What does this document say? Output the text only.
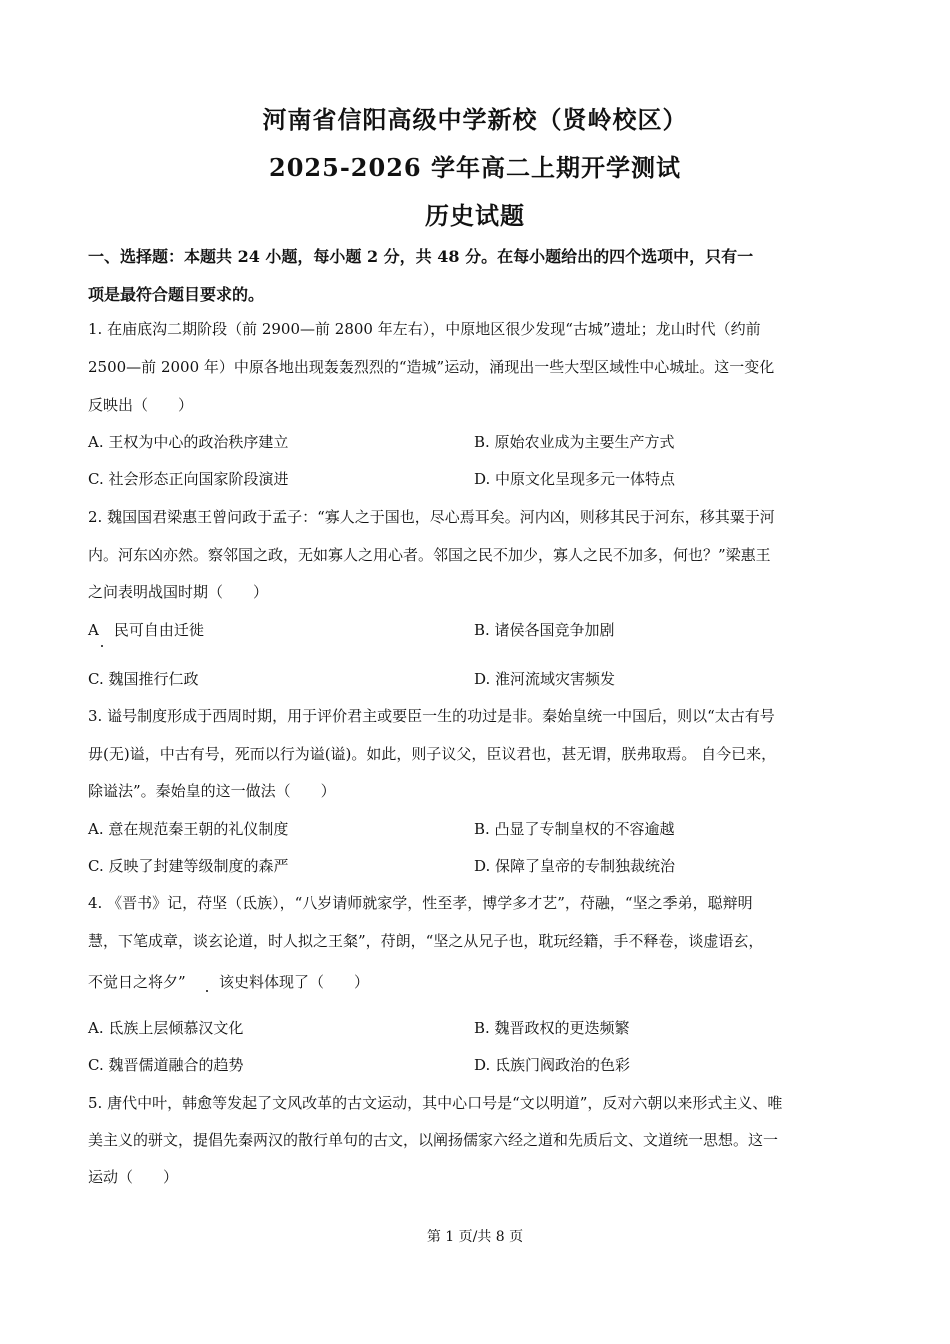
河南省信阳高级中学新校（贤岭校区）
2025-2026 学年高二上期开学测试
历史试题
一、选择题：本题共 24 小题，每小题 2 分，共 48 分。在每小题给出的四个选项中，只有一
项是最符合题目要求的。
1. 在庙底沟二期阶段（前 2900—前 2800 年左右），中原地区很少发现“古城”遗址；龙山时代（约前
2500—前 2000 年）中原各地出现轰轰烈烈的“造城”运动，涌现出一些大型区域性中心城址。这一变化
反映出（　　）
A. 王权为中心的政治秩序建立	B. 原始农业成为主要生产方式
C. 社会形态正向国家阶段演进	D. 中原文化呈现多元一体特点
2. 魏国国君梁惠王曾问政于孟子：“寡人之于国也，尽心焉耳矣。河内凶，则移其民于河东，移其粟于河
内。河东凶亦然。察邻国之政，无如寡人之用心者。邻国之民不加少，寡人之民不加多，何也？”梁惠王
之问表明战国时期（　　）
A　民可自由迁徙	B. 诸侯各国竞争加剧
C. 魏国推行仁政	D. 淮河流域灾害频发
3. 谥号制度形成于西周时期，用于评价君主或要臣一生的功过是非。秦始皇统一中国后，则以“太古有号
毋(无)谥，中古有号，死而以行为谥(谥)。如此，则子议父，臣议君也，甚无谓，朕弗取焉。 自今已来，
除谥法”。秦始皇的这一做法（　　）
A. 意在规范秦王朝的礼仪制度	B. 凸显了专制皇权的不容逾越
C. 反映了封建等级制度的森严	D. 保障了皇帝的专制独裁统治
4. 《晋书》记，苻坚（氐族），“八岁请师就家学，性至孝，博学多才艺”，苻融，“坚之季弟，聪辩明
慧，下笔成章，谈玄论道，时人拟之王粲”，苻朗，“坚之从兄子也，耽玩经籍，手不释卷，谈虚语玄，
不觉日之将夕” 该史料体现了（　　）
A. 氐族上层倾慕汉文化	B. 魏晋政权的更迭频繁
C. 魏晋儒道融合的趋势	D. 氐族门阀政治的色彩
5. 唐代中叶，韩愈等发起了文风改革的古文运动，其中心口号是“文以明道”，反对六朝以来形式主义、唯
美主义的骈文，提倡先秦两汉的散行单句的古文，以阐扬儒家六经之道和先质后文、文道统一思想。这一
运动（　　）
第 1 页/共 8 页
